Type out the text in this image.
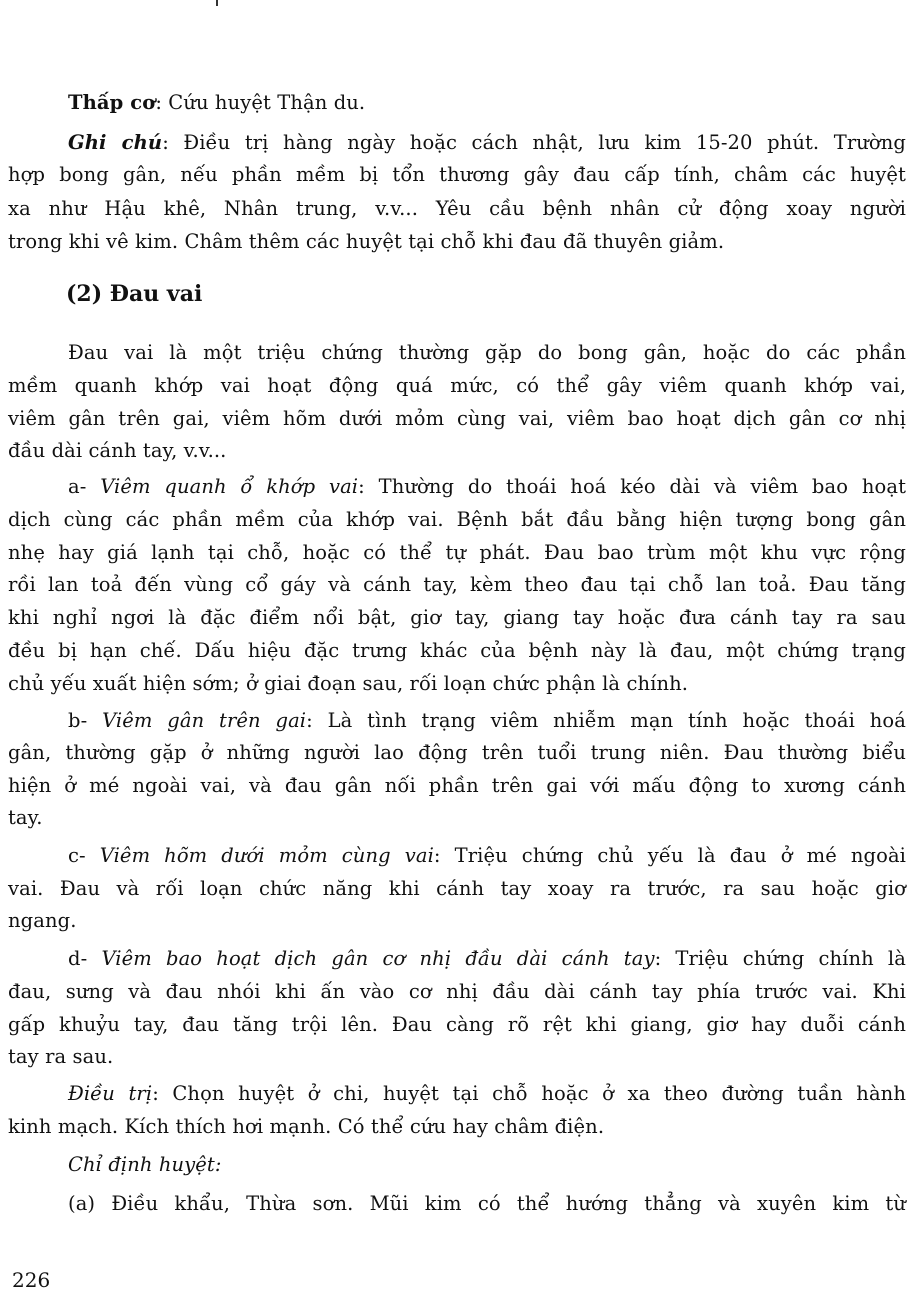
Thấp cơ: Cứu huyệt Thận du.
Ghi chú: Điều trị hàng ngày hoặc cách nhật, lưu kim 15-20 phút. Trường
hợp bong gân, nếu phần mềm bị tổn thương gây đau cấp tính, châm các huyệt
xa như Hậu khê, Nhân trung, v.v... Yêu cầu bệnh nhân cử động xoay người
trong khi vê kim. Châm thêm các huyệt tại chỗ khi đau đã thuyên giảm.
(2) Đau vai
Đau vai là một triệu chứng thường gặp do bong gân, hoặc do các phần
mềm quanh khớp vai hoạt động quá mức, có thể gây viêm quanh khớp vai,
viêm gân trên gai, viêm hõm dưới mỏm cùng vai, viêm bao hoạt dịch gân cơ nhị
đầu dài cánh tay, v.v...
a- Viêm quanh ổ khớp vai: Thường do thoái hoá kéo dài và viêm bao hoạt
dịch cùng các phần mềm của khớp vai. Bệnh bắt đầu bằng hiện tượng bong gân
nhẹ hay giá lạnh tại chỗ, hoặc có thể tự phát. Đau bao trùm một khu vực rộng
rồi lan toả đến vùng cổ gáy và cánh tay, kèm theo đau tại chỗ lan toả. Đau tăng
khi nghỉ ngơi là đặc điểm nổi bật, giơ tay, giang tay hoặc đưa cánh tay ra sau
đều bị hạn chế. Dấu hiệu đặc trưng khác của bệnh này là đau, một chứng trạng
chủ yếu xuất hiện sớm; ở giai đoạn sau, rối loạn chức phận là chính.
b- Viêm gân trên gai: Là tình trạng viêm nhiễm mạn tính hoặc thoái hoá
gân, thường gặp ở những người lao động trên tuổi trung niên. Đau thường biểu
hiện ở mé ngoài vai, và đau gân nối phần trên gai với mấu động to xương cánh
tay.
c- Viêm hõm dưới mỏm cùng vai: Triệu chứng chủ yếu là đau ở mé ngoài
vai. Đau và rối loạn chức năng khi cánh tay xoay ra trước, ra sau hoặc giơ
ngang.
d- Viêm bao hoạt dịch gân cơ nhị đầu dài cánh tay: Triệu chứng chính là
đau, sưng và đau nhói khi ấn vào cơ nhị đầu dài cánh tay phía trước vai. Khi
gấp khuỷu tay, đau tăng trội lên. Đau càng rõ rệt khi giang, giơ hay duỗi cánh
tay ra sau.
Điều trị: Chọn huyệt ở chi, huyệt tại chỗ hoặc ở xa theo đường tuần hành
kinh mạch. Kích thích hơi mạnh. Có thể cứu hay châm điện.
Chỉ định huyệt:
(a) Điều khẩu, Thừa sơn. Mũi kim có thể hướng thẳng và xuyên kim từ
226
